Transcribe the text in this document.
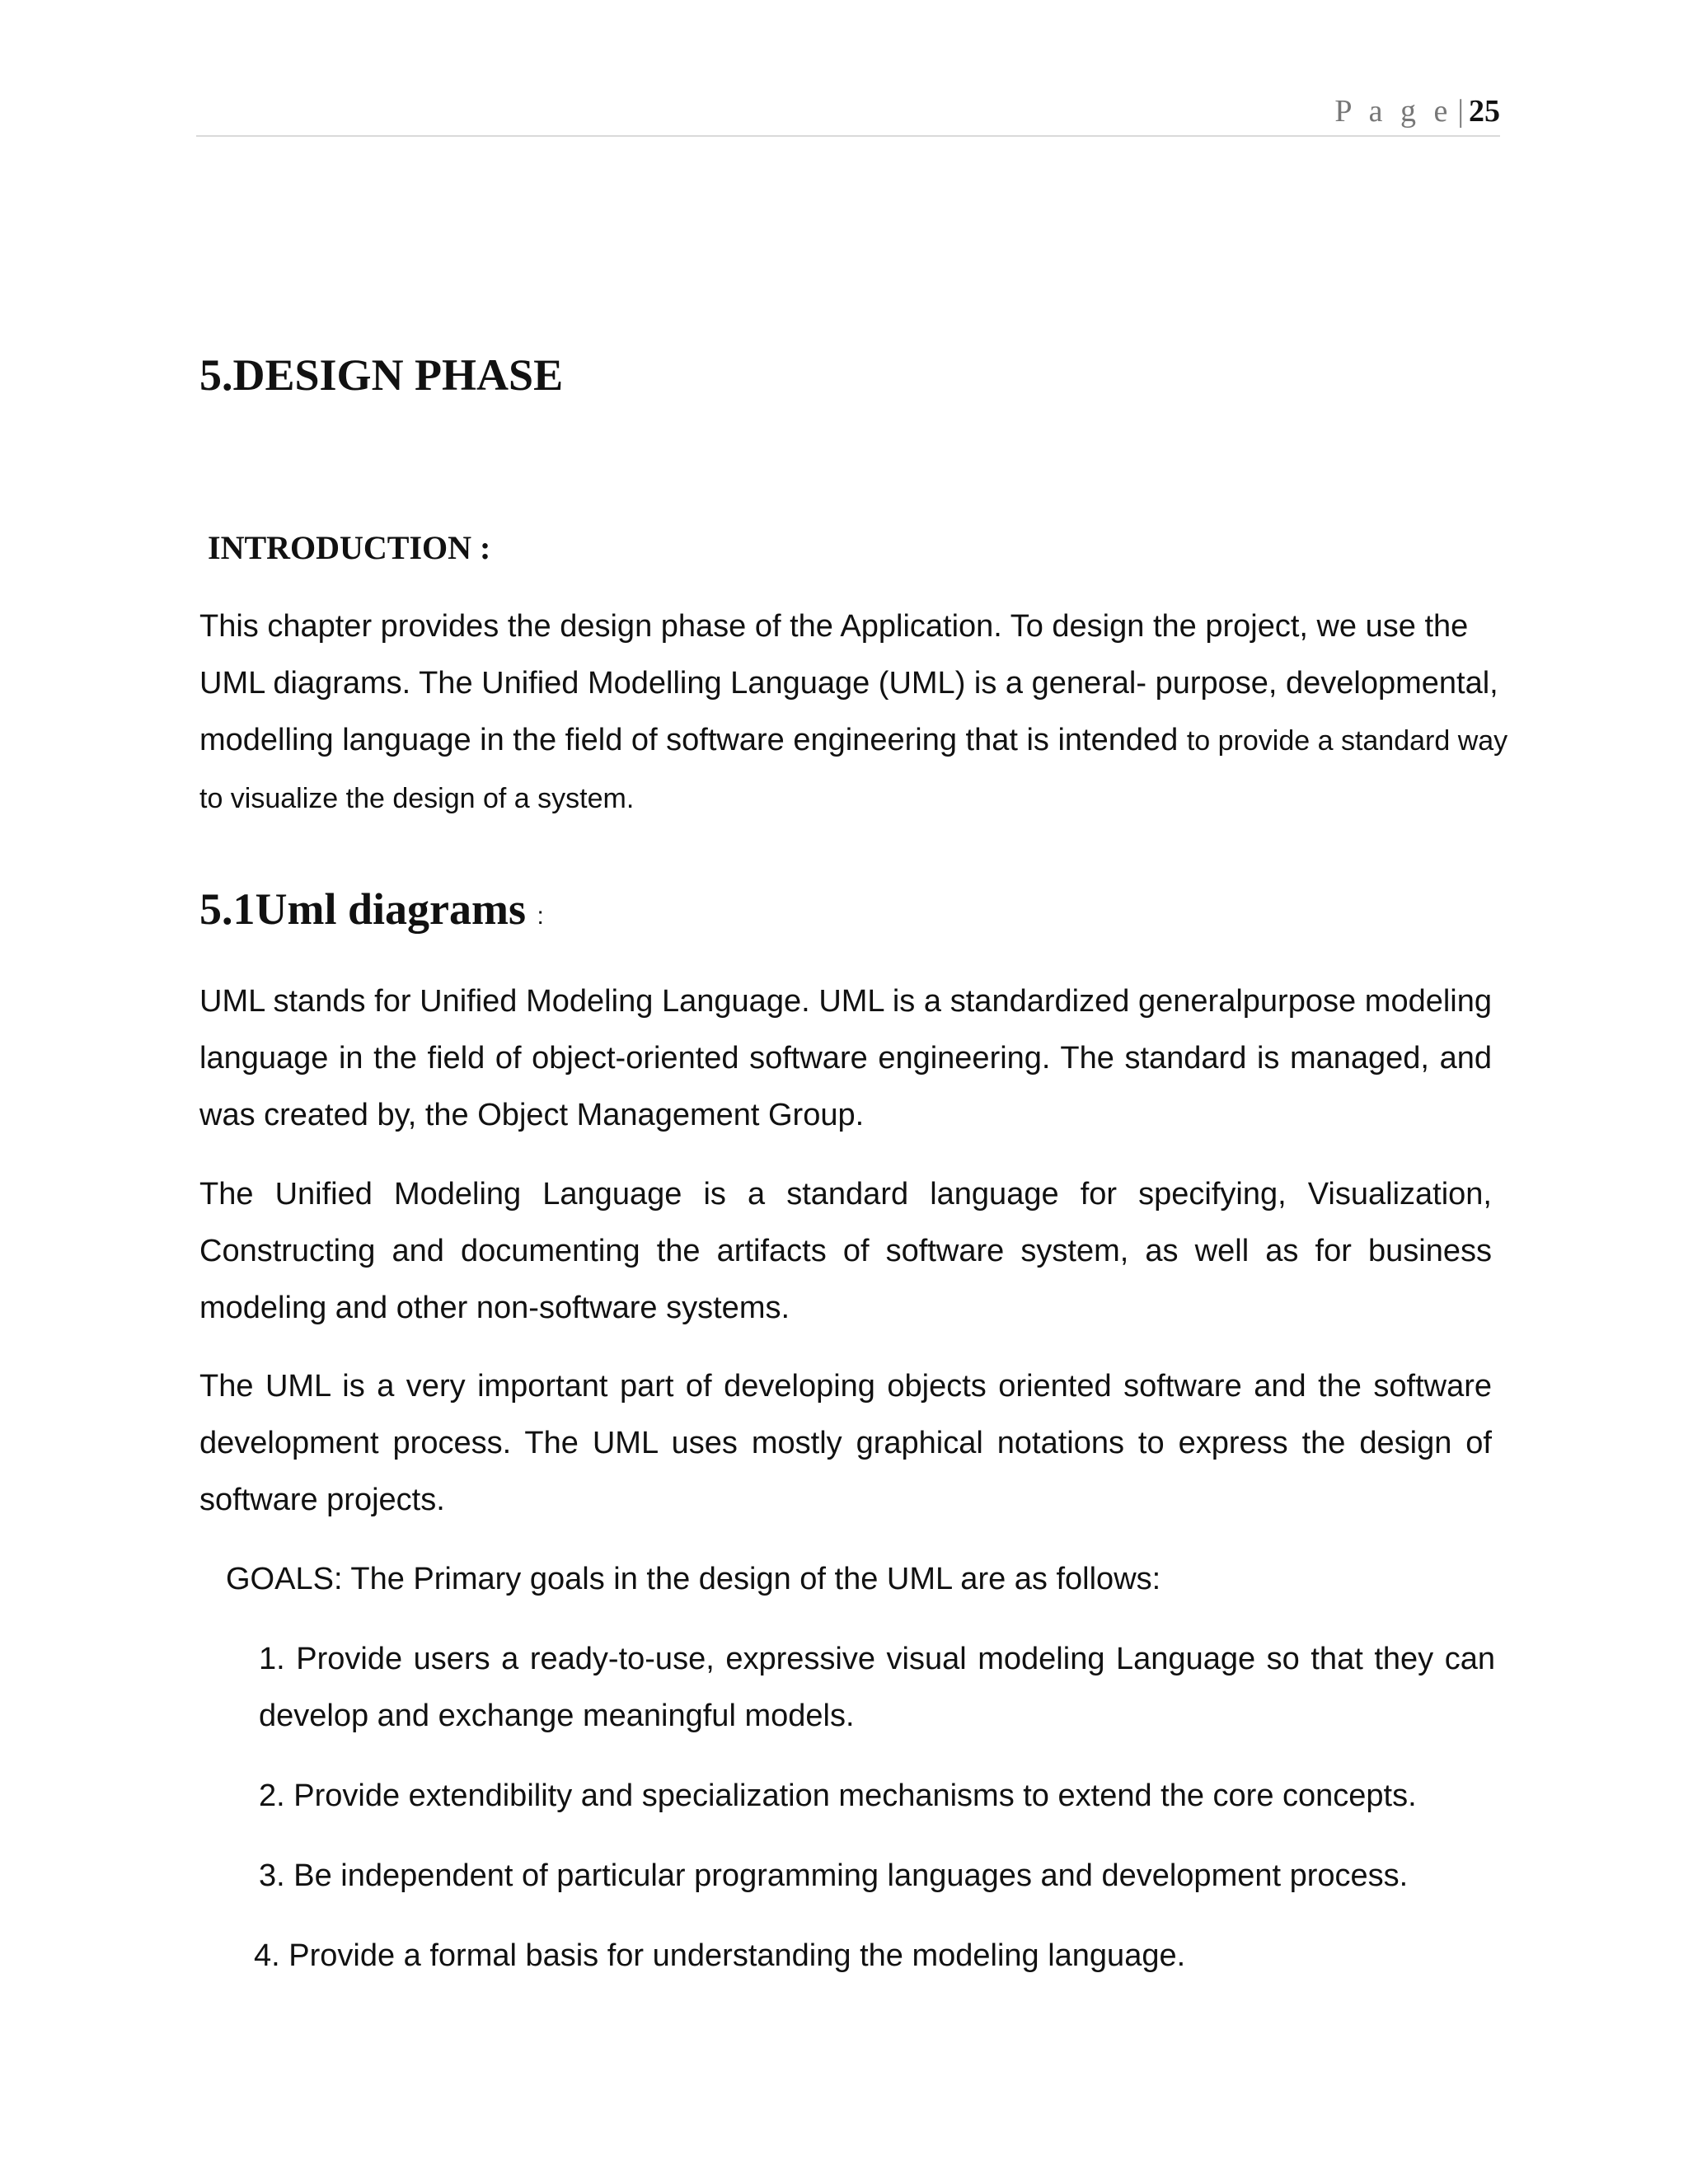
P a g e | 25
5.DESIGN PHASE
INTRODUCTION :

This chapter provides the design phase of the Application. To design the project, we use the UML diagrams. The Unified Modelling Language (UML) is a general- purpose, developmental, modelling language in the field of software engineering that is intended to provide a standard way to visualize the design of a system.

5.1Uml diagrams :

UML stands for Unified Modeling Language. UML is a standardized generalpurpose modeling language in the field of object-oriented software engineering. The standard is managed, and was created by, the Object Management Group.

The Unified Modeling Language is a standard language for specifying, Visualization, Constructing and documenting the artifacts of software system, as well as for business modeling and other non-software systems.

The UML is a very important part of developing objects oriented software and the software development process. The UML uses mostly graphical notations to express the design of software projects.

GOALS: The Primary goals in the design of the UML are as follows:

1. Provide users a ready-to-use, expressive visual modeling Language so that they can develop and exchange meaningful models.

2. Provide extendibility and specialization mechanisms to extend the core concepts.

3. Be independent of particular programming languages and development process.

4. Provide a formal basis for understanding the modeling language.
